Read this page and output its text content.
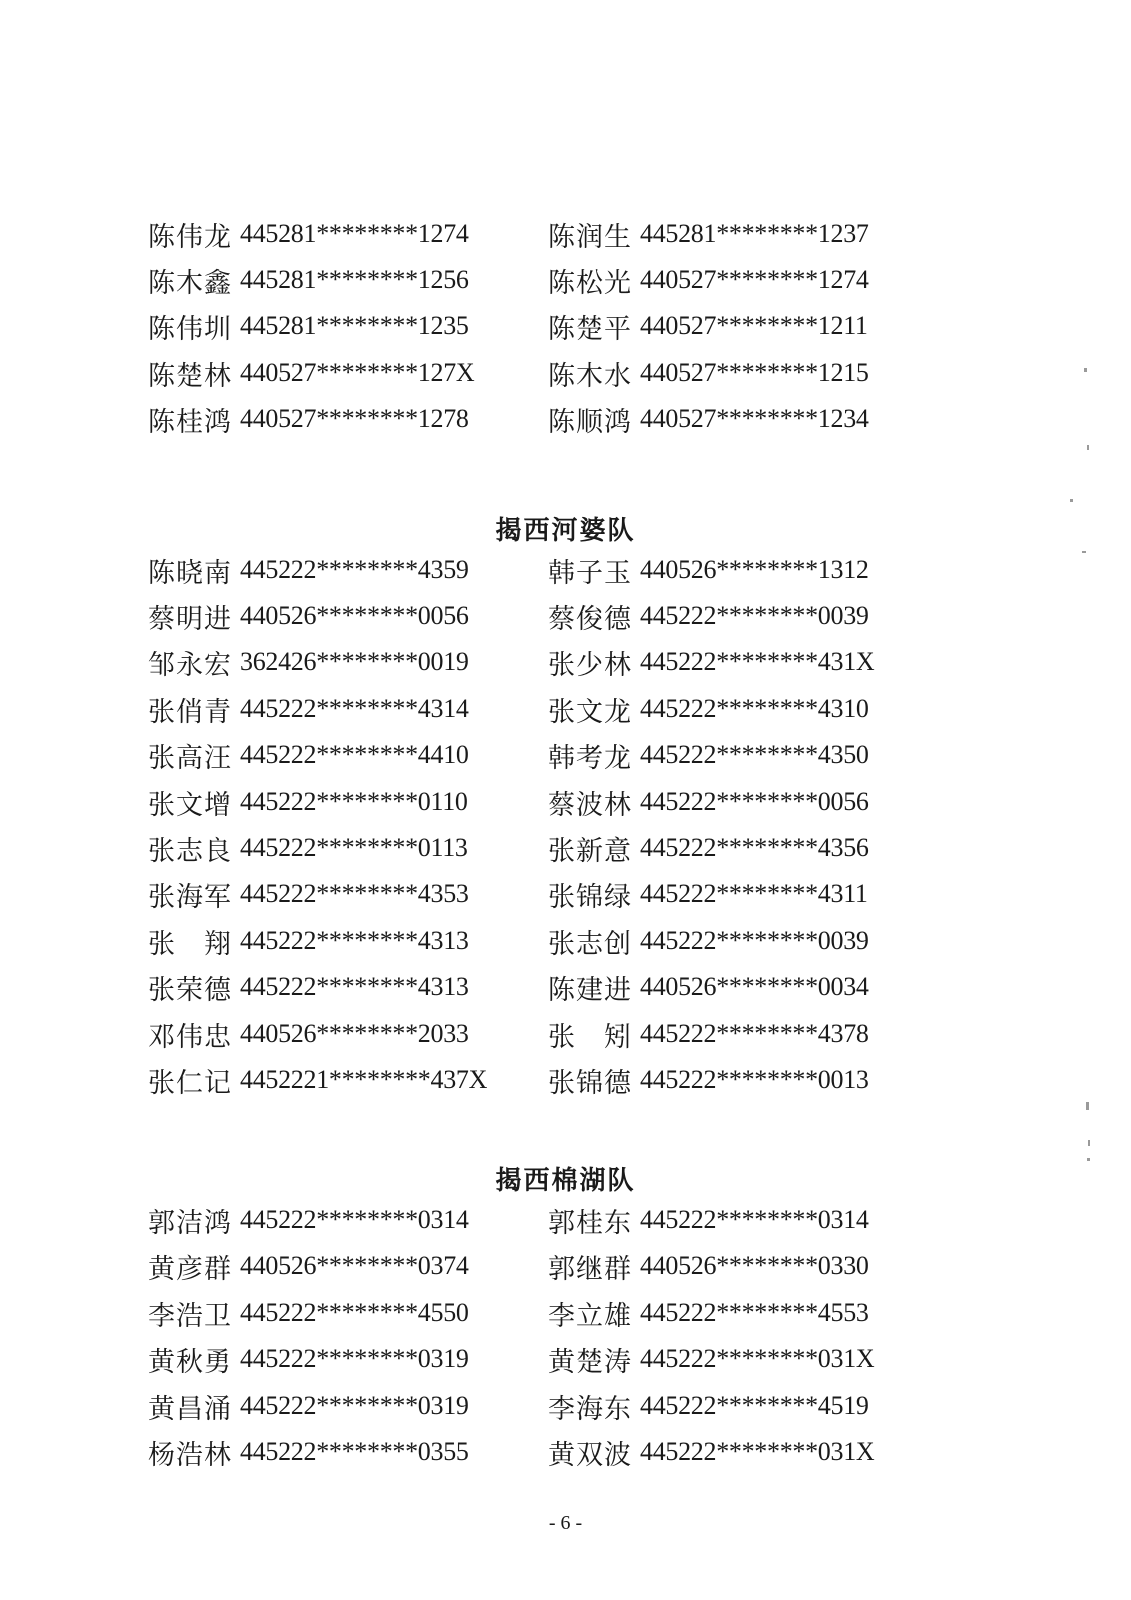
陈伟龙 445281********1274	陈润生 445281********1237
陈木鑫 445281********1256	陈松光 440527********1274
陈伟圳 445281********1235	陈楚平 440527********1211
陈楚林 440527********127X	陈木水 440527********1215
陈桂鸿 440527********1278	陈顺鸿 440527********1234
揭西河婆队
陈晓南 445222********4359	韩子玉 440526********1312
蔡明进 440526********0056	蔡俊德 445222********0039
邹永宏 362426********0019	张少林 445222********431X
张俏青 445222********4314	张文龙 445222********4310
张高汪 445222********4410	韩考龙 445222********4350
张文增 445222********0110	蔡波林 445222********0056
张志良 445222********0113	张新意 445222********4356
张海军 445222********4353	张锦绿 445222********4311
张　翔 445222********4313	张志创 445222********0039
张荣德 445222********4313	陈建进 440526********0034
邓伟忠 440526********2033	张　矧 445222********4378
张仁记 4452221********437X 张锦德 445222********0013
揭西棉湖队
郭洁鸿 445222********0314	郭桂东 445222********0314
黄彦群 440526********0374	郭继群 440526********0330
李浩卫 445222********4550	李立雄 445222********4553
黄秋勇 445222********0319	黄楚涛 445222********031X
黄昌涌 445222********0319	李海东 445222********4519
杨浩林 445222********0355	黄双波 445222********031X
- 6 -
